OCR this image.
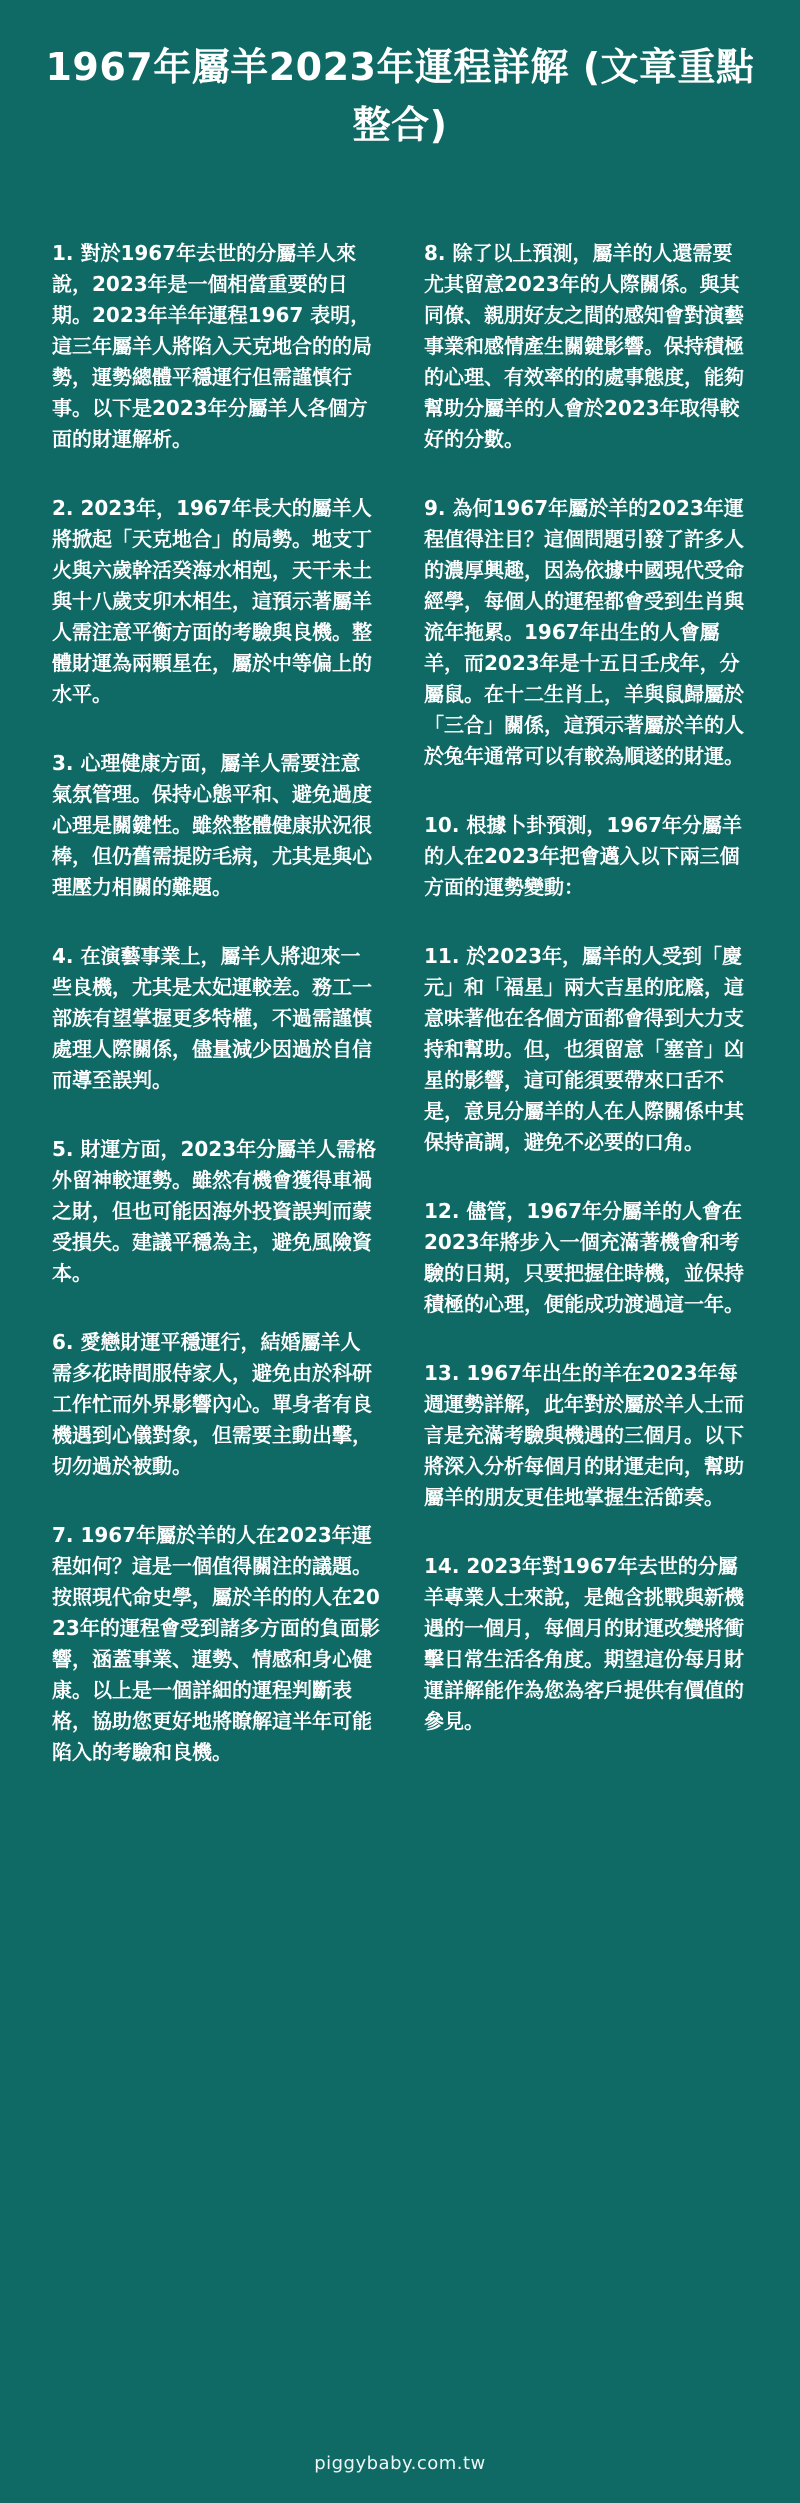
1967年屬羊2023年運程詳解 (文章重點整合)

1. 對於1967年去世的分屬羊人來說，2023年是一個相當重要的日期。2023年羊年運程1967 表明，這三年屬羊人將陷入天克地合的的局勢，運勢總體平穩運行但需謹慎行事。以下是2023年分屬羊人各個方面的財運解析。

2. 2023年，1967年長大的屬羊人將掀起「天克地合」的局勢。地支丁火與六歲幹活癸海水相剋，天干未土與十八歲支卯木相生，這預示著屬羊人需注意平衡方面的考驗與良機。整體財運為兩顆星在，屬於中等偏上的水平。

3. 心理健康方面，屬羊人需要注意氣氛管理。保持心態平和、避免過度心理是關鍵性。雖然整體健康狀況很棒，但仍舊需提防毛病，尤其是與心理壓力相關的難題。

4. 在演藝事業上，屬羊人將迎來一些良機，尤其是太妃運較差。務工一部族有望掌握更多特權，不過需謹慎處理人際關係，儘量減少因過於自信而導至誤判。

5. 財運方面，2023年分屬羊人需格外留神較運勢。雖然有機會獲得車禍之財，但也可能因海外投資誤判而蒙受損失。建議平穩為主，避免風險資本。

6. 愛戀財運平穩運行，結婚屬羊人需多花時間服侍家人，避免由於科研工作忙而外界影響內心。單身者有良機遇到心儀對象，但需要主動出擊，切勿過於被動。

7. 1967年屬於羊的人在2023年運程如何？這是一個值得關注的議題。按照現代命史學，屬於羊的的人在2023年的運程會受到諸多方面的負面影響，涵蓋事業、運勢、情感和身心健康。以上是一個詳細的運程判斷表格，協助您更好地將瞭解這半年可能陷入的考驗和良機。

8. 除了以上預測，屬羊的人還需要尤其留意2023年的人際關係。與其同僚、親朋好友之間的感知會對演藝事業和感情產生關鍵影響。保持積極的心理、有效率的的處事態度，能夠幫助分屬羊的人會於2023年取得較好的分數。

9. 為何1967年屬於羊的2023年運程值得注目？這個問題引發了許多人的濃厚興趣，因為依據中國現代受命經學，每個人的運程都會受到生肖與流年拖累。1967年出生的人會屬羊，而2023年是十五日壬戌年，分屬鼠。在十二生肖上，羊與鼠歸屬於「三合」關係，這預示著屬於羊的人於兔年通常可以有較為順遂的財運。

10. 根據卜卦預測，1967年分屬羊的人在2023年把會邁入以下兩三個方面的運勢變動：

11. 於2023年，屬羊的人受到「慶元」和「福星」兩大吉星的庇廕，這意味著他在各個方面都會得到大力支持和幫助。但，也須留意「塞音」凶星的影響，這可能須要帶來口舌不是，意見分屬羊的人在人際關係中其保持高調，避免不必要的口角。

12. 儘管，1967年分屬羊的人會在2023年將步入一個充滿著機會和考驗的日期，只要把握住時機，並保持積極的心理，便能成功渡過這一年。

13. 1967年出生的羊在2023年每週運勢詳解，此年對於屬於羊人士而言是充滿考驗與機遇的三個月。以下將深入分析每個月的財運走向，幫助屬羊的朋友更佳地掌握生活節奏。

14. 2023年對1967年去世的分屬羊專業人士來說，是飽含挑戰與新機遇的一個月，每個月的財運改變將衝擊日常生活各角度。期望這份每月財運詳解能作為您為客戶提供有價值的參見。

piggybaby.com.tw
